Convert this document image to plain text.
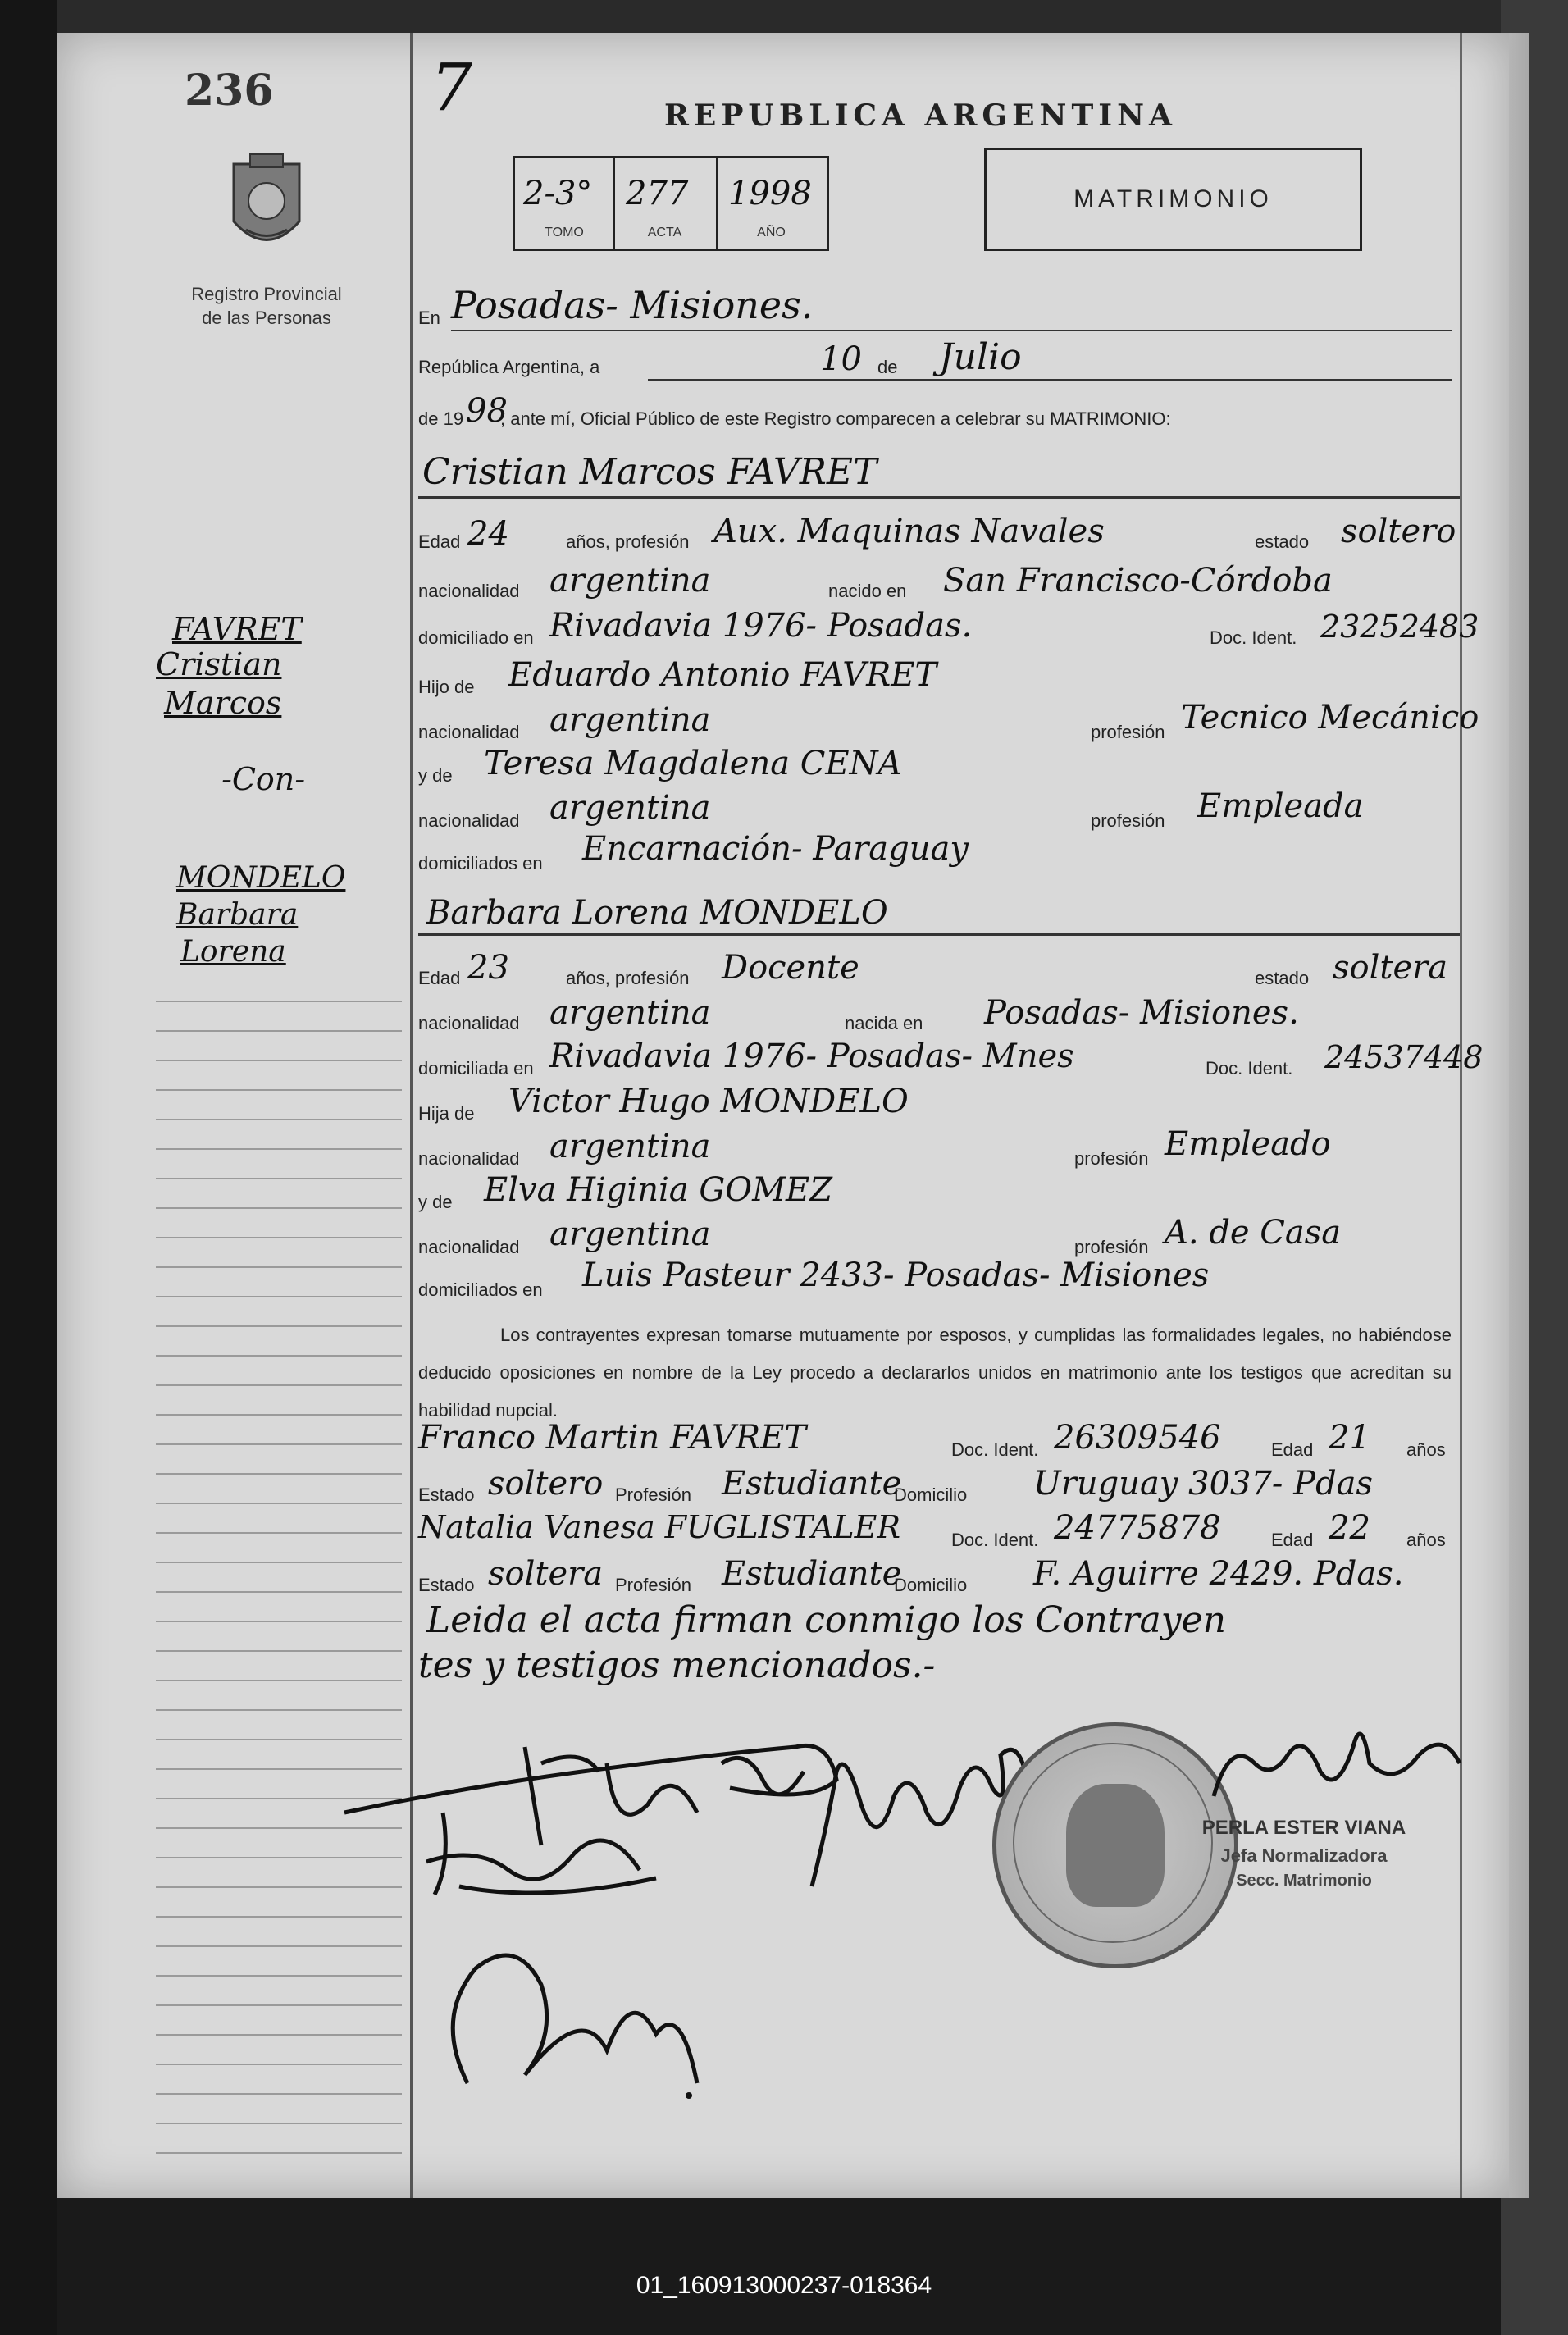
236
Registro Provincial
de las Personas
7	REPUBLICA ARGENTINA
MATRIMONIO
2-3° 277 1998
TOMO	ACTA	AÑO
FAVRET
Cristian
Marcos
-Con-
MONDELO
Barbara
Lorena
En Posadas- Misiones.
República Argentina, a	10 de Julio
de 19 98
, ante mí, Oficial Público de este Registro comparecen a celebrar su MATRIMONIO:
Cristian Marcos FAVRET
Edad 24	años, profesión Aux. Maquinas Navales	estado soltero
nacionalidad argentina	nacido en San Francisco-Córdoba
domiciliado en Rivadavia 1976- Posadas.	Doc. Ident. 23252483
Hijo de Eduardo Antonio FAVRET
nacionalidad argentina	profesión Tecnico Mecánico
y de Teresa Magdalena CENA
nacionalidad argentina	profesión Empleada
domiciliados en Encarnación- Paraguay
Barbara Lorena MONDELO
Edad 23	años, profesión Docente	estado soltera
nacionalidad argentina	nacida en Posadas- Misiones.
domiciliada en Rivadavia 1976- Posadas- Mnes	Doc. Ident. 24537448
Hija de Victor Hugo MONDELO
nacionalidad argentina	profesión Empleado
y de Elva Higinia GOMEZ
nacionalidad argentina	profesión A. de Casa
domiciliados en Luis Pasteur 2433- Posadas- Misiones
Los contrayentes expresan tomarse mutuamente por esposos, y cumplidas las formalidades legales, no habiéndose deducido oposiciones en nombre de la Ley procedo a declararlos unidos en matrimonio ante los testigos que acreditan su habilidad nupcial.
Franco Martin FAVRET	Doc. Ident. 26309546	Edad 21 años
Estado soltero Profesión Estudiante
Domicilio Uruguay 3037- Pdas
Natalia Vanesa FUGLISTALER	Doc. Ident. 24775878	Edad 22 años
Estado soltera Profesión Estudiante
Domicilio F. Aguirre 2429. Pdas.
Leida el acta firman conmigo los Contrayen
tes y testigos mencionados.-
PERLA ESTER VIANA
Jefa Normalizadora
Secc. Matrimonio
01_160913000237-018364
